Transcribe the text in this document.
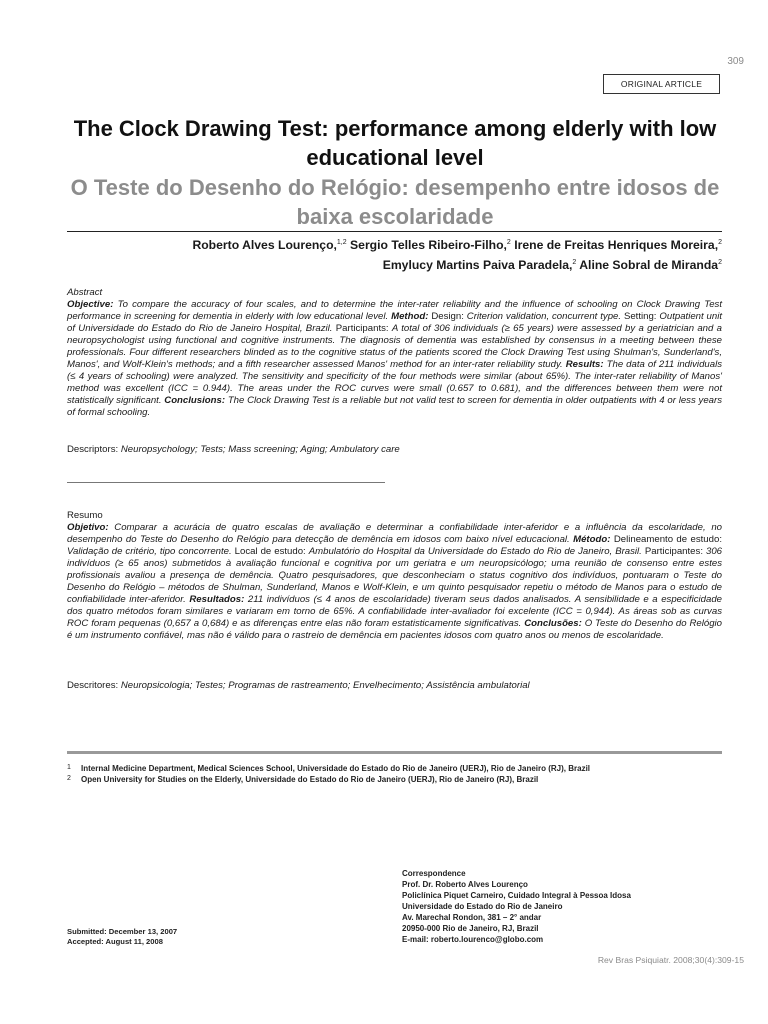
309
ORIGINAL ARTICLE
The Clock Drawing Test: performance among elderly with low educational level
O Teste do Desenho do Relógio: desempenho entre idosos de baixa escolaridade
Roberto Alves Lourenço,$^{1,2}$ Sergio Telles Ribeiro-Filho,$^2$ Irene de Freitas Henriques Moreira,$^2$
Emylucy Martins Paiva Paradela,$^2$ Aline Sobral de Miranda$^2$
Abstract
Objective: To compare the accuracy of four scales, and to determine the inter-rater reliability and the influence of schooling on Clock Drawing Test performance in screening for dementia in elderly with low educational level. Method: Design: Criterion validation, concurrent type. Setting: Outpatient unit of Universidade do Estado do Rio de Janeiro Hospital, Brazil. Participants: A total of 306 individuals (≥ 65 years) were assessed by a geriatrician and a neuropsychologist using functional and cognitive instruments. The diagnosis of dementia was established by consensus in a meeting between these professionals. Four different researchers blinded as to the cognitive status of the patients scored the Clock Drawing Test using Shulman's, Sunderland's, Manos', and Wolf-Klein's methods; and a fifth researcher assessed Manos' method for an inter-rater reliability study. Results: The data of 211 individuals (≤ 4 years of schooling) were analyzed. The sensitivity and specificity of the four methods were similar (about 65%). The inter-rater reliability of Manos' method was excellent (ICC = 0.944). The areas under the ROC curves were small (0.657 to 0.681), and the differences between them were not statistically significant. Conclusions: The Clock Drawing Test is a reliable but not valid test to screen for dementia in older outpatients with 4 or less years of formal schooling.
Descriptors: Neuropsychology; Tests; Mass screening; Aging; Ambulatory care
Resumo
Objetivo: Comparar a acurácia de quatro escalas de avaliação e determinar a confiabilidade inter-aferidor e a influência da escolaridade, no desempenho do Teste do Desenho do Relógio para detecção de demência em idosos com baixo nível educacional. Método: Delineamento de estudo: Validação de critério, tipo concorrente. Local de estudo: Ambulatório do Hospital da Universidade do Estado do Rio de Janeiro, Brasil. Participantes: 306 indivíduos (≥ 65 anos) submetidos à avaliação funcional e cognitiva por um geriatra e um neuropsicólogo; uma reunião de consenso entre estes profissionais avaliou a presença de demência. Quatro pesquisadores, que desconheciam o status cognitivo dos indivíduos, pontuaram o Teste do Desenho do Relógio – métodos de Shulman, Sunderland, Manos e Wolf-Klein, e um quinto pesquisador repetiu o método de Manos para o estudo de confiabilidade inter-aferidor. Resultados: 211 indivíduos (≤ 4 anos de escolaridade) tiveram seus dados analisados. A sensibilidade e a especificidade dos quatro métodos foram similares e variaram em torno de 65%. A confiabilidade inter-avaliador foi excelente (ICC = 0,944). As áreas sob as curvas ROC foram pequenas (0,657 a 0,684) e as diferenças entre elas não foram estatisticamente significativas. Conclusões: O Teste do Desenho do Relógio é um instrumento confiável, mas não é válido para o rastreio de demência em pacientes idosos com quatro anos ou menos de escolaridade.
Descritores: Neuropsicologia; Testes; Programas de rastreamento; Envelhecimento; Assistência ambulatorial
1 Internal Medicine Department, Medical Sciences School, Universidade do Estado do Rio de Janeiro (UERJ), Rio de Janeiro (RJ), Brazil
2 Open University for Studies on the Elderly, Universidade do Estado do Rio de Janeiro (UERJ), Rio de Janeiro (RJ), Brazil
Correspondence
Prof. Dr. Roberto Alves Lourenço
Policlínica Piquet Carneiro, Cuidado Integral à Pessoa Idosa
Universidade do Estado do Rio de Janeiro
Av. Marechal Rondon, 381 – 2° andar
20950-000 Rio de Janeiro, RJ, Brazil
E-mail: roberto.lourenco@globo.com
Submitted: December 13, 2007
Accepted: August 11, 2008
Rev Bras Psiquiatr. 2008;30(4):309-15
